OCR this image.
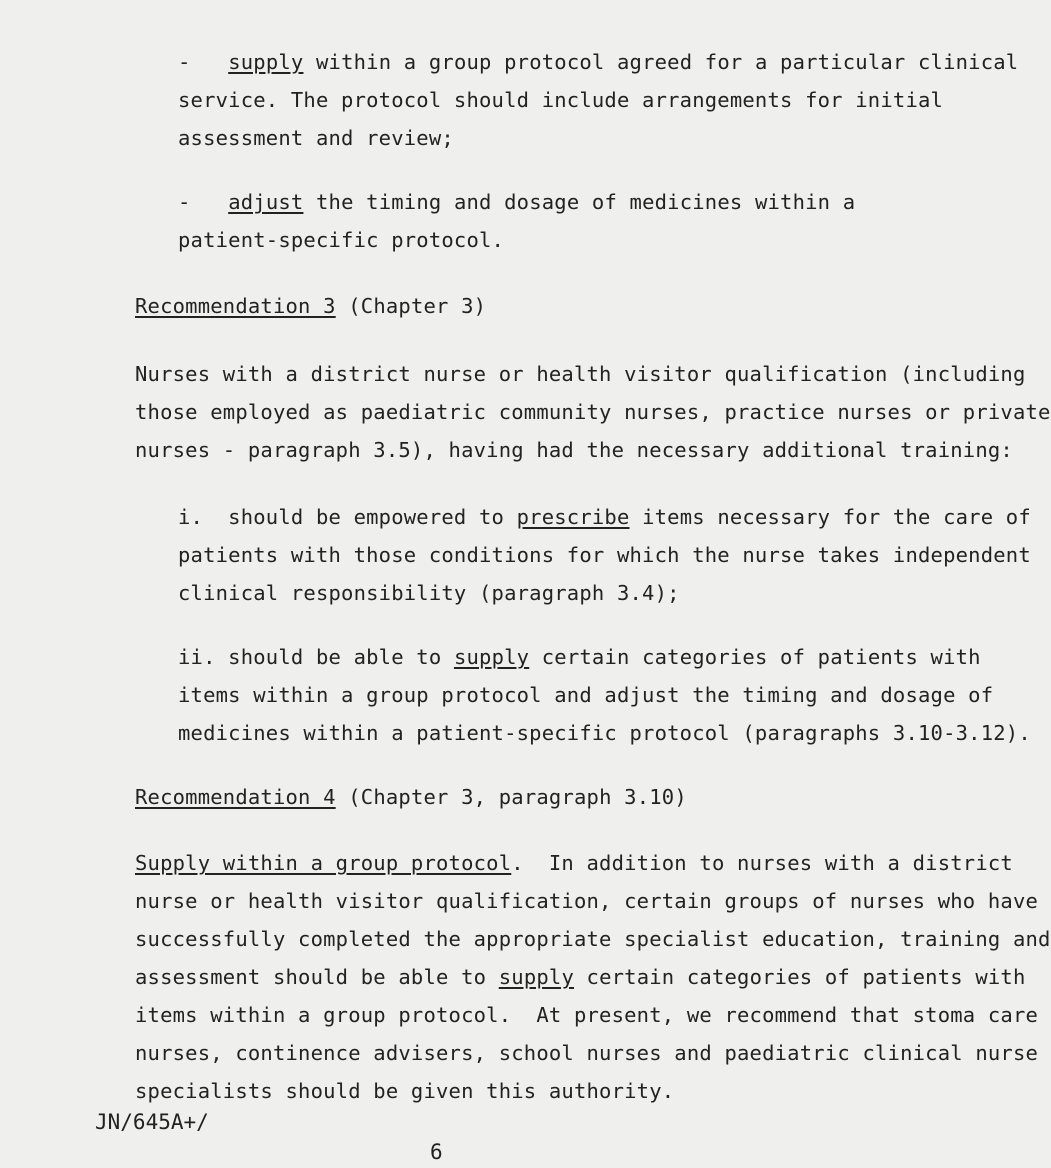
- supply within a group protocol agreed for a particular clinical
service. The protocol should include arrangements for initial
assessment and review;
- adjust the timing and dosage of medicines within a
patient-specific protocol.
Recommendation 3 (Chapter 3)
Nurses with a district nurse or health visitor qualification (including
those employed as paediatric community nurses, practice nurses or private
nurses - paragraph 3.5), having had the necessary additional training:
i.  should be empowered to prescribe items necessary for the care of
patients with those conditions for which the nurse takes independent
clinical responsibility (paragraph 3.4);
ii. should be able to supply certain categories of patients with
items within a group protocol and adjust the timing and dosage of
medicines within a patient-specific protocol (paragraphs 3.10-3.12).
Recommendation 4 (Chapter 3, paragraph 3.10)
Supply within a group protocol.  In addition to nurses with a district
nurse or health visitor qualification, certain groups of nurses who have
successfully completed the appropriate specialist education, training and
assessment should be able to supply certain categories of patients with
items within a group protocol.  At present, we recommend that stoma care
nurses, continence advisers, school nurses and paediatric clinical nurse
specialists should be given this authority.
JN/645A+/
6
